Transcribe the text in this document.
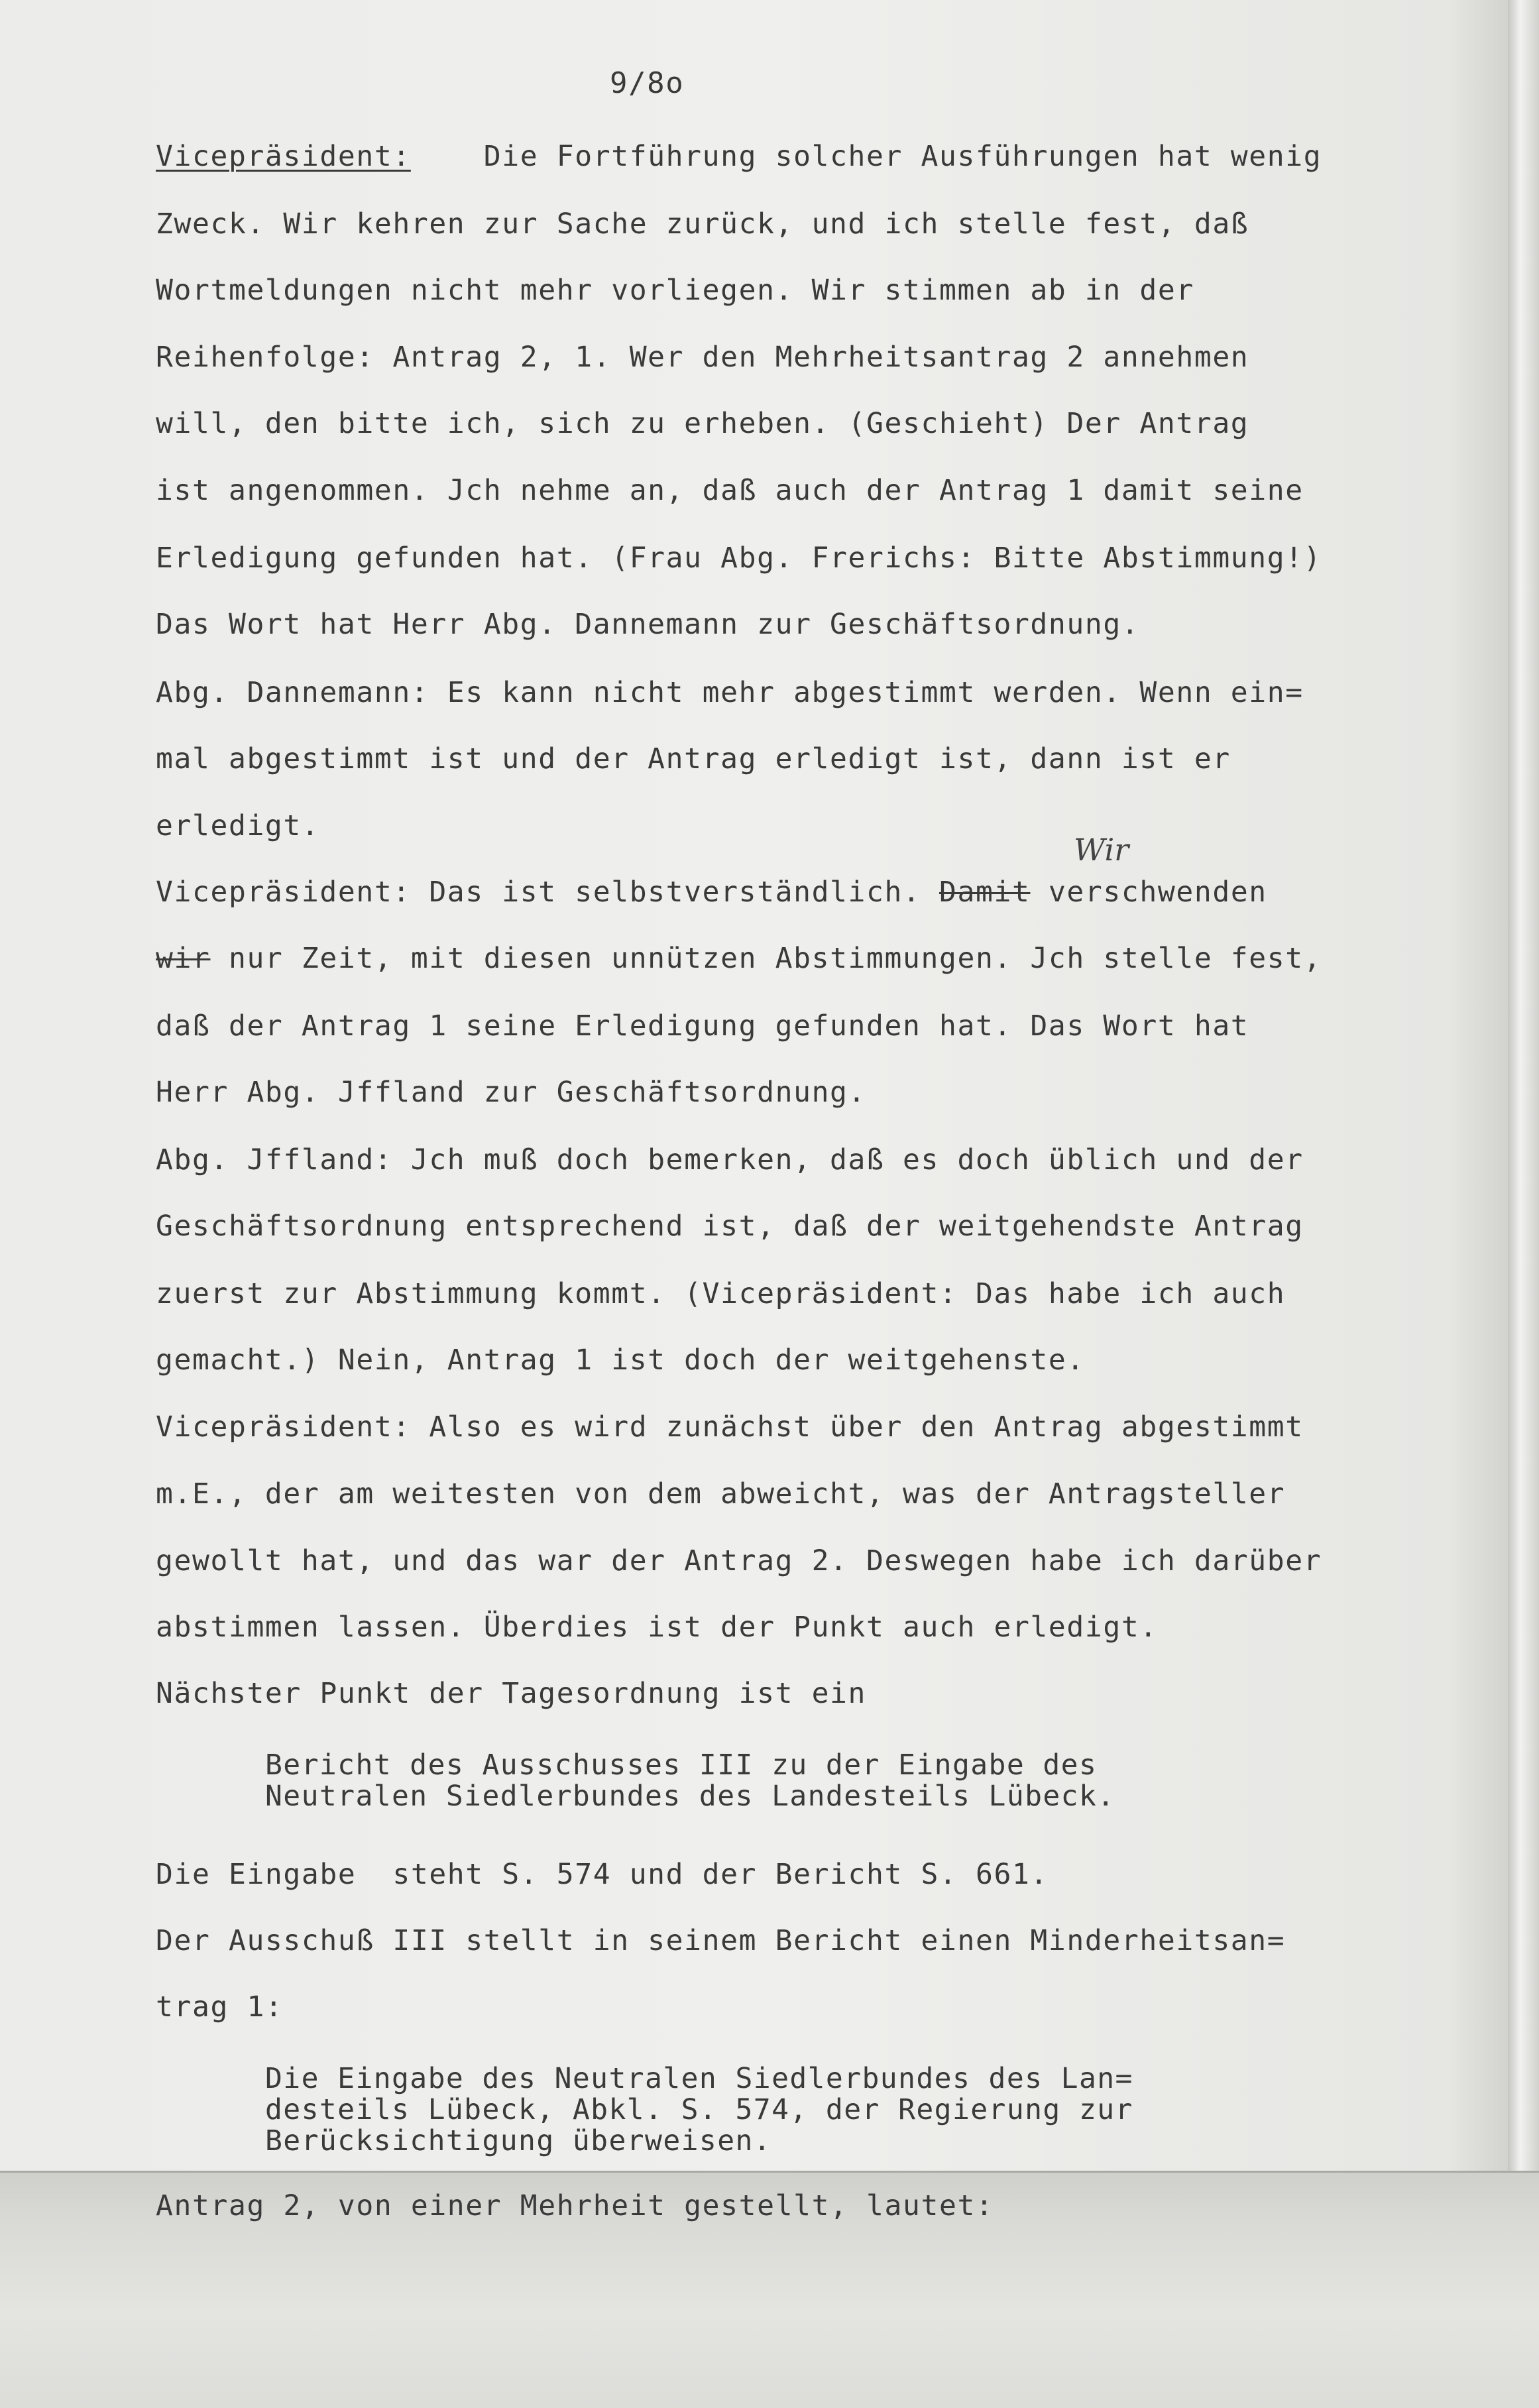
9/8o
Vicepräsident:    Die Fortführung solcher Ausführungen hat wenig
Zweck. Wir kehren zur Sache zurück, und ich stelle fest, daß
Wortmeldungen nicht mehr vorliegen. Wir stimmen ab in der
Reihenfolge: Antrag 2, 1. Wer den Mehrheitsantrag 2 annehmen
will, den bitte ich, sich zu erheben. (Geschieht) Der Antrag
ist angenommen. Jch nehme an, daß auch der Antrag 1 damit seine
Erledigung gefunden hat. (Frau Abg. Frerichs: Bitte Abstimmung!)
Das Wort hat Herr Abg. Dannemann zur Geschäftsordnung.
Abg. Dannemann: Es kann nicht mehr abgestimmt werden. Wenn ein=
mal abgestimmt ist und der Antrag erledigt ist, dann ist er
erledigt.
Wir
Vicepräsident: Das ist selbstverständlich. Damit verschwenden
wir nur Zeit, mit diesen unnützen Abstimmungen. Jch stelle fest,
daß der Antrag 1 seine Erledigung gefunden hat. Das Wort hat
Herr Abg. Jffland zur Geschäftsordnung.
Abg. Jffland: Jch muß doch bemerken, daß es doch üblich und der
Geschäftsordnung entsprechend ist, daß der weitgehendste Antrag
zuerst zur Abstimmung kommt. (Vicepräsident: Das habe ich auch
gemacht.) Nein, Antrag 1 ist doch der weitgehenste.
Vicepräsident: Also es wird zunächst über den Antrag abgestimmt
m.E., der am weitesten von dem abweicht, was der Antragsteller
gewollt hat, und das war der Antrag 2. Deswegen habe ich darüber
abstimmen lassen. Überdies ist der Punkt auch erledigt.
Nächster Punkt der Tagesordnung ist ein
Bericht des Ausschusses III zu der Eingabe des
Neutralen Siedlerbundes des Landesteils Lübeck.
Die Eingabe  steht S. 574 und der Bericht S. 661.
Der Ausschuß III stellt in seinem Bericht einen Minderheitsan=
trag 1:
Die Eingabe des Neutralen Siedlerbundes des Lan=
desteils Lübeck, Abkl. S. 574, der Regierung zur
Berücksichtigung überweisen.
Antrag 2, von einer Mehrheit gestellt, lautet:
